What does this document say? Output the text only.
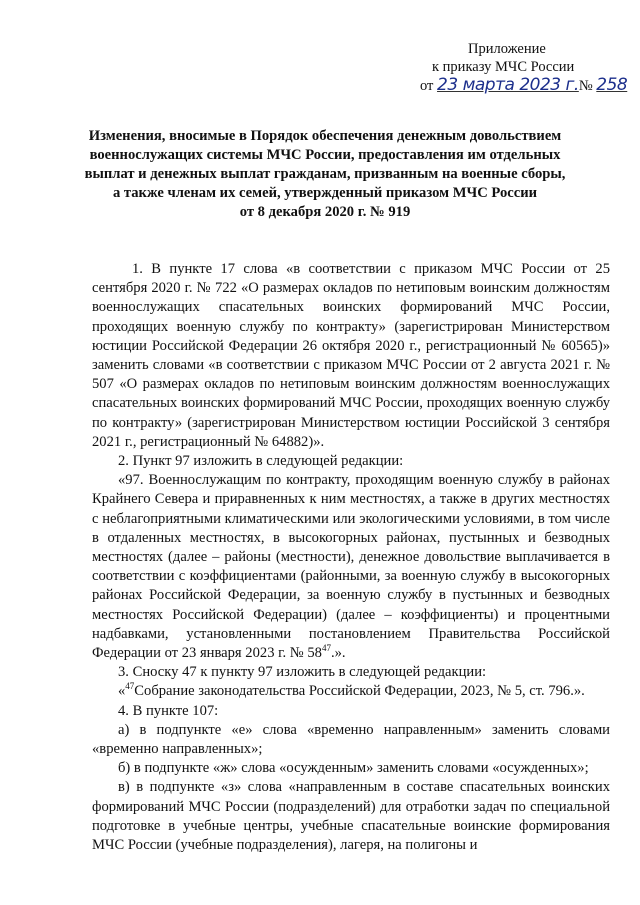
Приложение
к приказу МЧС России
от 23 марта 2023 г.№ 258
Изменения, вносимые в Порядок обеспечения денежным довольствием
военнослужащих системы МЧС России, предоставления им отдельных
выплат и денежных выплат гражданам, призванным на военные сборы,
а также членам их семей, утвержденный приказом МЧС России
от 8 декабря 2020 г. № 919

1. В пункте 17 слова «в соответствии с приказом МЧС России от 25 сентября 2020 г. № 722 «О размерах окладов по нетиповым воинским должностям военнослужащих спасательных воинских формирований МЧС России, проходящих военную службу по контракту» (зарегистрирован Министерством юстиции Российской Федерации 26 октября 2020 г., регистрационный № 60565)» заменить словами «в соответствии с приказом МЧС России от 2 августа 2021 г. № 507 «О размерах окладов по нетиповым воинским должностям военнослужащих спасательных воинских формирований МЧС России, проходящих военную службу по контракту» (зарегистрирован Министерством юстиции Российской 3 сентября 2021 г., регистрационный № 64882)».

2. Пункт 97 изложить в следующей редакции:

«97. Военнослужащим по контракту, проходящим военную службу в районах Крайнего Севера и приравненных к ним местностях, а также в других местностях с неблагоприятными климатическими или экологическими условиями, в том числе в отдаленных местностях, в высокогорных районах, пустынных и безводных местностях (далее – районы (местности), денежное довольствие выплачивается в соответствии с коэффициентами (районными, за военную службу в высокогорных районах Российской Федерации, за военную службу в пустынных и безводных местностях Российской Федерации) (далее – коэффициенты) и процентными надбавками, установленными постановлением Правительства Российской Федерации от 23 января 2023 г. № $58^{47}$.».

3. Сноску 47 к пункту 97 изложить в следующей редакции:

«$^{47}$Собрание законодательства Российской Федерации, 2023, № 5, ст. 796.».

4. В пункте 107:

а) в подпункте «е» слова «временно направленным» заменить словами «временно направленных»;

б) в подпункте «ж» слова «осужденным» заменить словами «осужденных»;

в) в подпункте «з» слова «направленным в составе спасательных воинских формирований МЧС России (подразделений) для отработки задач по специальной подготовке в учебные центры, учебные спасательные воинские формирования МЧС России (учебные подразделения), лагеря, на полигоны и
